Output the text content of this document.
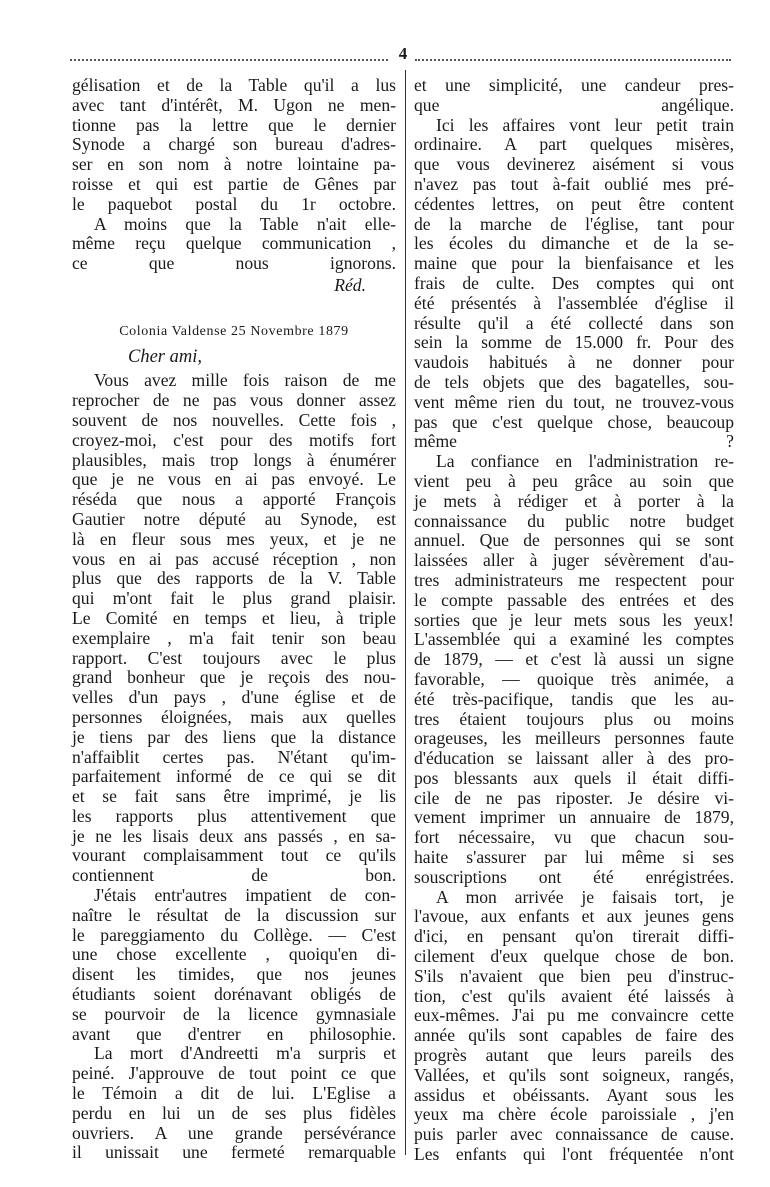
4

gélisation et de la Table qu'il a lus

avec tant d'intérêt, M. Ugon ne men-

tionne pas la lettre que le dernier

Synode a chargé son bureau d'adres-

ser en son nom à notre lointaine pa-

roisse et qui est partie de Gênes par

le paquebot postal du 1r octobre.

A moins que la Table n'ait elle-

même reçu quelque communication ,

ce que nous ignorons.

Réd.

Colonia Valdense 25 Novembre 1879

Cher ami,

Vous avez mille fois raison de me

reprocher de ne pas vous donner assez

souvent de nos nouvelles. Cette fois ,

croyez-moi, c'est pour des motifs fort

plausibles, mais trop longs à énumérer

que je ne vous en ai pas envoyé. Le

réséda que nous a apporté François

Gautier notre député au Synode, est

là en fleur sous mes yeux, et je ne

vous en ai pas accusé réception , non

plus que des rapports de la V. Table

qui m'ont fait le plus grand plaisir.

Le Comité en temps et lieu, à triple

exemplaire , m'a fait tenir son beau

rapport. C'est toujours avec le plus

grand bonheur que je reçois des nou-

velles d'un pays , d'une église et de

personnes éloignées, mais aux quelles

je tiens par des liens que la distance

n'affaiblit certes pas. N'étant qu'im-

parfaitement informé de ce qui se dit

et se fait sans être imprimé, je lis

les rapports plus attentivement que

je ne les lisais deux ans passés , en sa-

vourant complaisamment tout ce qu'ils

contiennent de bon.

J'étais entr'autres impatient de con-

naître le résultat de la discussion sur

le pareggiamento du Collège. — C'est

une chose excellente , quoiqu'en di-

disent les timides, que nos jeunes

étudiants soient dorénavant obligés de

se pourvoir de la licence gymnasiale

avant que d'entrer en philosophie.

La mort d'Andreetti m'a surpris et

peiné. J'approuve de tout point ce que

le Témoin a dit de lui. L'Eglise a

perdu en lui un de ses plus fidèles

ouvriers. A une grande persévérance

il unissait une fermeté remarquable

et une simplicité, une candeur pres-

que angélique.

Ici les affaires vont leur petit train

ordinaire. A part quelques misères,

que vous devinerez aisément si vous

n'avez pas tout à-fait oublié mes pré-

cédentes lettres, on peut être content

de la marche de l'église, tant pour

les écoles du dimanche et de la se-

maine que pour la bienfaisance et les

frais de culte. Des comptes qui ont

été présentés à l'assemblée d'église il

résulte qu'il a été collecté dans son

sein la somme de 15.000 fr. Pour des

vaudois habitués à ne donner pour

de tels objets que des bagatelles, sou-

vent même rien du tout, ne trouvez-vous

pas que c'est quelque chose, beaucoup

même ?

La confiance en l'administration re-

vient peu à peu grâce au soin que

je mets à rédiger et à porter à la

connaissance du public notre budget

annuel. Que de personnes qui se sont

laissées aller à juger sévèrement d'au-

tres administrateurs me respectent pour

le compte passable des entrées et des

sorties que je leur mets sous les yeux!

L'assemblée qui a examiné les comptes

de 1879, — et c'est là aussi un signe

favorable, — quoique très animée, a

été très-pacifique, tandis que les au-

tres étaient toujours plus ou moins

orageuses, les meilleurs personnes faute

d'éducation se laissant aller à des pro-

pos blessants aux quels il était diffi-

cile de ne pas riposter. Je désire vi-

vement imprimer un annuaire de 1879,

fort nécessaire, vu que chacun sou-

haite s'assurer par lui même si ses

souscriptions ont été enrégistrées.

A mon arrivée je faisais tort, je

l'avoue, aux enfants et aux jeunes gens

d'ici, en pensant qu'on tirerait diffi-

cilement d'eux quelque chose de bon.

S'ils n'avaient que bien peu d'instruc-

tion, c'est qu'ils avaient été laissés à

eux-mêmes. J'ai pu me convaincre cette

année qu'ils sont capables de faire des

progrès autant que leurs pareils des

Vallées, et qu'ils sont soigneux, rangés,

assidus et obéissants. Ayant sous les

yeux ma chère école paroissiale , j'en

puis parler avec connaissance de cause.

Les enfants qui l'ont fréquentée n'ont
